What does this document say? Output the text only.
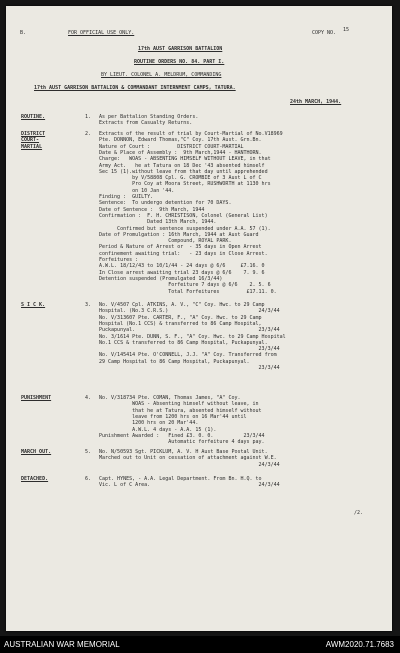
B.	FOR OFFICIAL USE ONLY.	COPY NO. 15
17th AUST GARRISON BATTALION
ROUTINE ORDERS NO. 84. PART I.
BY LIEUT. COLONEL A. MELDRUM, COMMANDING
17th AUST GARRISON BATTALION & COMMANDANT INTERNMENT CAMPS, TATURA.
24th MARCH, 1944.
ROUTINE.	1. As per Battalion Standing Orders.
Extracts from Casualty Returns.
DISTRICT
COURT-
MARTIAL
2. Extracts of the result of trial by Court-Martial of No.V18969
Pte. DONNON, Edward Thomas,"C" Coy. 17th Aust. Grn.Bn.
Nature of Court :         DISTRICT COURT-MARTIAL
Date & Place of Assembly :  9th March,1944 - HANTHORN.
Charge:   WOAS - ABSENTING HIMSELF WITHOUT LEAVE, in that
Army Act.   he at Tatura on 18 Dec '43 absented himself
Sec 15 (1).without leave from that day until apprehended
by V/58808 Cpl. G. CROMBIE of 3 Aust L of C
Pro Coy at Moora Street, RUSHWORTH at 1130 hrs
on 10 Jan '44.
Finding :  GUILTY.
Sentence:  To undergo detention for 70 DAYS.
Date of Sentence :  9th March, 1944
Confirmation :  F. H. CHRISTISON, Colonel (General List)
Dated 13th March, 1944.
Confirmed but sentence suspended under A.A. 57 (1).
Date of Promulgation : 16th March, 1944 at Aust Guard
Compound, ROYAL PARK.
Period & Nature of Arrest or  - 35 days in Open Arrest
confinement awaiting trial:   - 23 days in Close Arrest.
Forfeitures :
A.W.L. 18/12/43 to 10/1/44 - 24 days @ 6/6     £7.16. 0
In Close arrest awaiting trial 23 days @ 6/6    7. 9. 6
Detention suspended (Promulgated 16/3/44)
Forfeiture 7 days @ 6/6    2. 5. 6
Total Forfeitures         £17.11. 0.
S I C K.	3. No. V/4507 Cpl. ATKINS, A. V., "C" Coy. Hwc. to 29 Camp
Hospital. (No.3 C.R.S.)                              24/3/44
No. V/313607 Pte. CARTER, F., "A" Coy. Hwc. to 29 Camp
Hospital (No.1 CCS) & transferred to 86 Camp Hospital,
Puckapunyal.                                         23/3/44
No. 3/1614 Pte. DUNN, S. F., "A" Coy. Hwc. to 29 Camp Hospital
No.1 CCS & transferred to 86 Camp Hospital, Puckapunyal.
23/3/44
No. V/145414 Pte. O'CONNELL, J.J. "A" Coy. Transferred from
29 Camp Hospital to 86 Camp Hospital, Puckapunyal.
23/3/44
PUNISHMENT	4. No. V/318734 Pte. COMAN, Thomas James, "A" Coy.
WOAS - Absenting himself without leave, in
that he at Tatura, absented himself without
leave from 1200 hrs on 16 Mar'44 until
1200 hrs on 20 Mar'44.
A.W.L. 4 days - A.A. 15 (1).
Punishment Awarded :   Fined £3. 0. 0.          23/3/44
Automatic forfeiture 4 days pay.
MARCH OUT.	5. No. N/50593 Sgt. PICKLUM, A. V. H Aust Base Postal Unit.
Marched out to Unit on cessation of attachment against W.E.
24/3/44
DETACHED.	6. Capt. HYNES, - A.A. Legal Department. From Bn. H.Q. to
Vic. L of C Area.                                    24/3/44
/2.
AUSTRALIAN WAR MEMORIAL	AWM2020.71.7683
